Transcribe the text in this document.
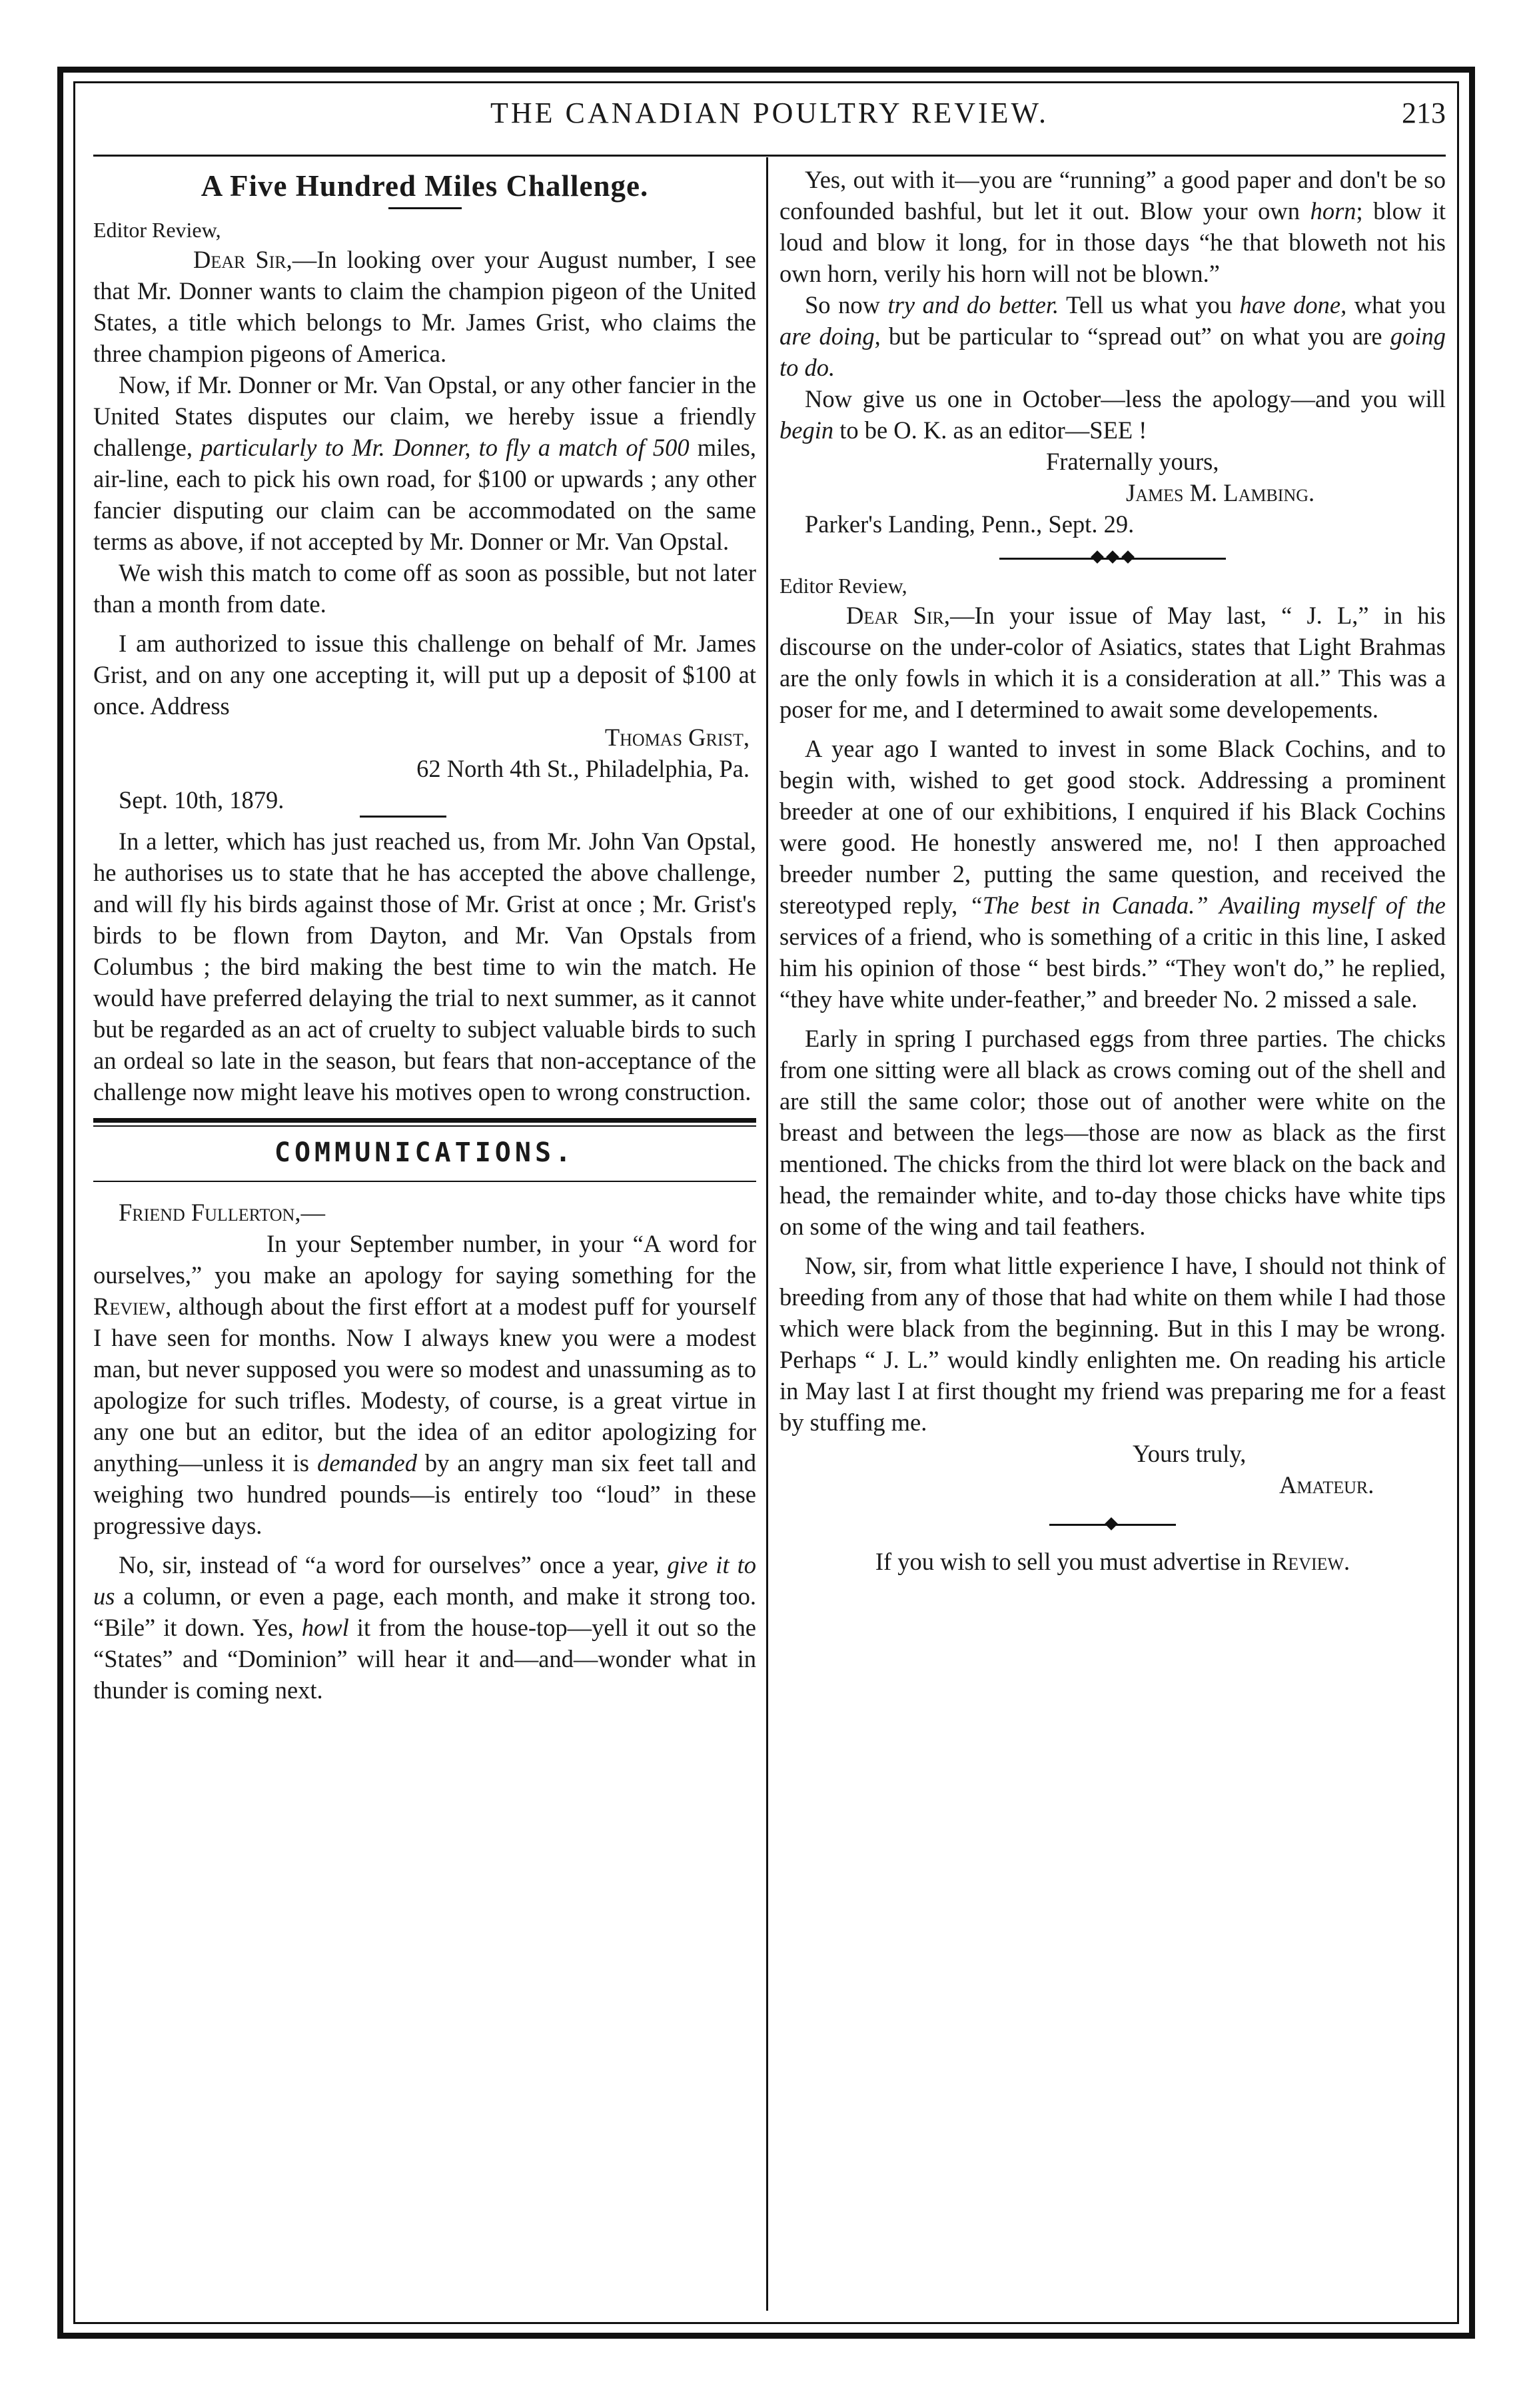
THE CANADIAN POULTRY REVIEW.	213
A Five Hundred Miles Challenge.

Editor Review,

Dear Sir,—In looking over your August number, I see that Mr. Donner wants to claim the champion pigeon of the United States, a title which belongs to Mr. James Grist, who claims the three champion pigeons of America.

Now, if Mr. Donner or Mr. Van Opstal, or any other fancier in the United States disputes our claim, we hereby issue a friendly challenge, particularly to Mr. Donner, to fly a match of 500 miles, air-line, each to pick his own road, for $100 or upwards ; any other fancier disputing our claim can be accommodated on the same terms as above, if not accepted by Mr. Donner or Mr. Van Opstal.

We wish this match to come off as soon as possible, but not later than a month from date.

I am authorized to issue this challenge on behalf of Mr. James Grist, and on any one accepting it, will put up a deposit of $100 at once. Address

Thomas Grist,

62 North 4th St., Philadelphia, Pa.

Sept. 10th, 1879.

In a letter, which has just reached us, from Mr. John Van Opstal, he authorises us to state that he has accepted the above challenge, and will fly his birds against those of Mr. Grist at once ; Mr. Grist's birds to be flown from Dayton, and Mr. Van Opstals from Columbus ; the bird making the best time to win the match. He would have preferred delaying the trial to next summer, as it cannot but be regarded as an act of cruelty to subject valuable birds to such an ordeal so late in the season, but fears that non-acceptance of the challenge now might leave his motives open to wrong construction.

COMMUNICATIONS.

Friend Fullerton,—

In your September number, in your “A word for ourselves,” you make an apology for saying something for the Review, although about the first effort at a modest puff for yourself I have seen for months. Now I always knew you were a modest man, but never supposed you were so modest and unassuming as to apologize for such trifles. Modesty, of course, is a great virtue in any one but an editor, but the idea of an editor apologizing for anything—unless it is demanded by an angry man six feet tall and weighing two hundred pounds—is entirely too “loud” in these progressive days.

No, sir, instead of “a word for ourselves” once a year, give it to us a column, or even a page, each month, and make it strong too. “Bile” it down. Yes, howl it from the house-top—yell it out so the “States” and “Dominion” will hear it and—and—wonder what in thunder is coming next.

Yes, out with it—you are “running” a good paper and don't be so confounded bashful, but let it out. Blow your own horn; blow it loud and blow it long, for in those days “he that bloweth not his own horn, verily his horn will not be blown.”

So now try and do better. Tell us what you have done, what you are doing, but be particular to “spread out” on what you are going to do.

Now give us one in October—less the apology—and you will begin to be O. K. as an editor—SEE !

Fraternally yours,

James M. Lambing.

Parker's Landing, Penn., Sept. 29.

Editor Review,

Dear Sir,—In your issue of May last, “ J. L,” in his discourse on the under-color of Asiatics, states that Light Brahmas are the only fowls in which it is a consideration at all.” This was a poser for me, and I determined to await some developements.

A year ago I wanted to invest in some Black Cochins, and to begin with, wished to get good stock. Addressing a prominent breeder at one of our exhibitions, I enquired if his Black Cochins were good. He honestly answered me, no! I then approached breeder number 2, putting the same question, and received the stereotyped reply, “The best in Canada.” Availing myself of the services of a friend, who is something of a critic in this line, I asked him his opinion of those “ best birds.” “They won't do,” he replied, “they have white under-feather,” and breeder No. 2 missed a sale.

Early in spring I purchased eggs from three parties. The chicks from one sitting were all black as crows coming out of the shell and are still the same color; those out of another were white on the breast and between the legs—those are now as black as the first mentioned. The chicks from the third lot were black on the back and head, the remainder white, and to-day those chicks have white tips on some of the wing and tail feathers.

Now, sir, from what little experience I have, I should not think of breeding from any of those that had white on them while I had those which were black from the beginning. But in this I may be wrong. Perhaps “ J. L.” would kindly enlighten me. On reading his article in May last I at first thought my friend was preparing me for a feast by stuffing me.

Yours truly,

Amateur.

If you wish to sell you must advertise in Review.
